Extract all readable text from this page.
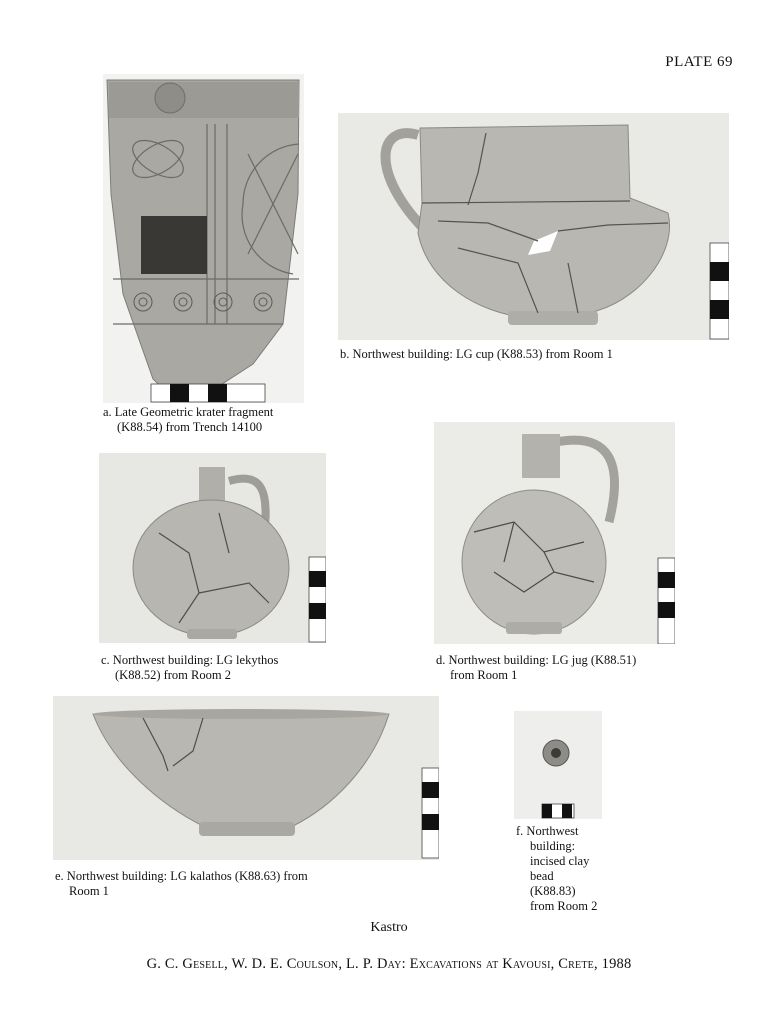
PLATE 69
a. Late Geometric krater fragment
(K88.54) from Trench 14100
b. Northwest building: LG cup (K88.53) from Room 1
c. Northwest building: LG lekythos
(K88.52) from Room 2
d. Northwest building: LG jug (K88.51)
from Room 1
e. Northwest building: LG kalathos (K88.63) from
Room 1
f. Northwest
building:
incised clay
bead
(K88.83)
from Room 2
Kastro
G. C. Gesell, W. D. E. Coulson, L. P. Day: Excavations at Kavousi, Crete, 1988
